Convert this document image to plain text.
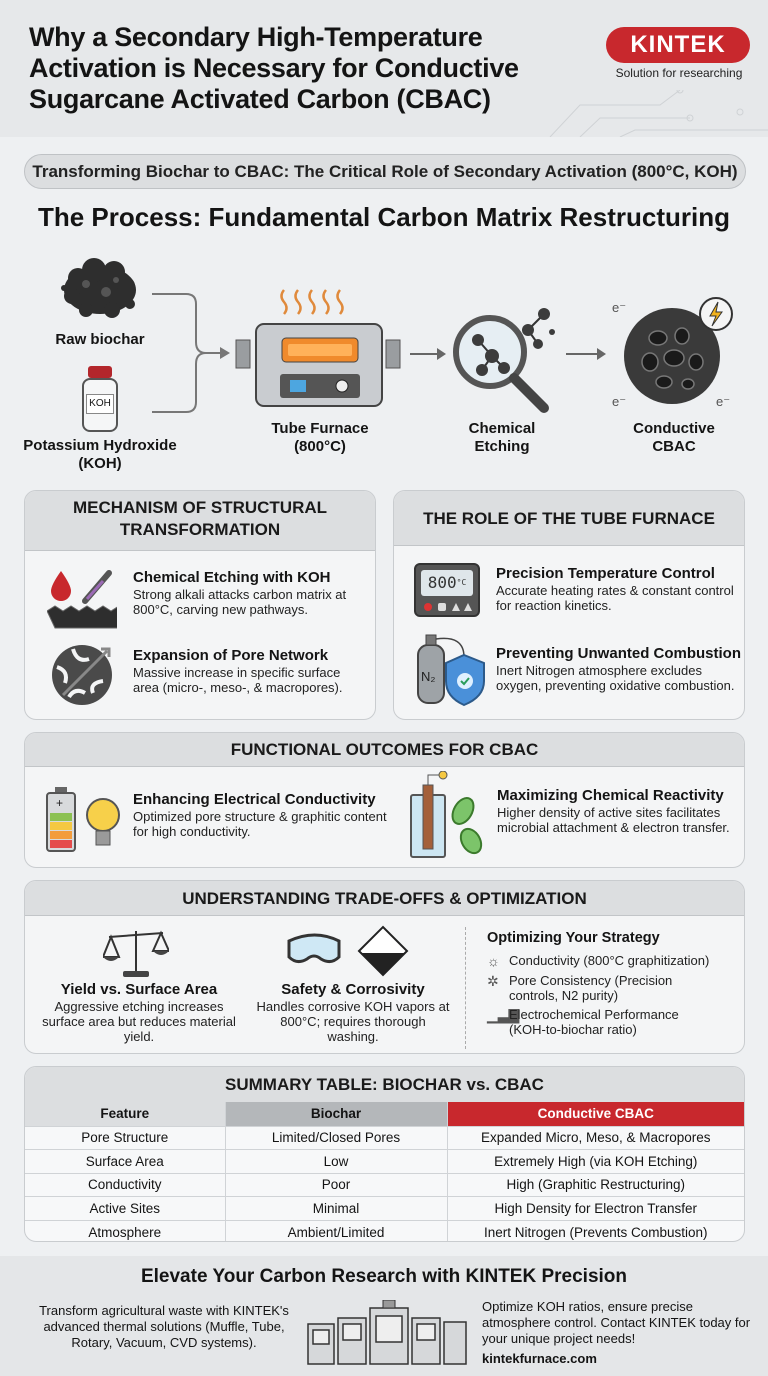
Why a Secondary High-Temperature Activation is Necessary for Conductive Sugarcane Activated Carbon (CBAC)
KINTEK
Solution for researching
Transforming Biochar to CBAC: The Critical Role of Secondary Activation (800°C, KOH)
The Process: Fundamental Carbon Matrix Restructuring
Raw biochar
KOH
Potassium Hydroxide (KOH)
Tube Furnace (800°C)
Chemical Etching
e⁻
e⁻	e⁻
Conductive CBAC
MECHANISM OF STRUCTURAL TRANSFORMATION
Chemical Etching with KOH
Strong alkali attacks carbon matrix at 800°C, carving new pathways.
Expansion of Pore Network
Massive increase in specific surface area (micro-, meso-, & macropores).
THE ROLE OF THE TUBE FURNACE
$800^{^\circ C}$
Precision Temperature Control
Accurate heating rates & constant control for reaction kinetics.
N₂
Preventing Unwanted Combustion
Inert Nitrogen atmosphere excludes oxygen, preventing oxidative combustion.
FUNCTIONAL OUTCOMES FOR CBAC
+	Enhancing Electrical Conductivity
Optimized pore structure & graphitic content for high conductivity.
Maximizing Chemical Reactivity
Higher density of active sites facilitates microbial attachment & electron transfer.
UNDERSTANDING TRADE-OFFS & OPTIMIZATION
Yield vs. Surface Area
Aggressive etching increases surface area but reduces material yield.
Safety & Corrosivity
Handles corrosive KOH vapors at 800°C; requires thorough washing.
Optimizing Your Strategy
☼ Conductivity (800°C graphitization)
✲ Pore Consistency (Precision controls, N2 purity)
▁▃▇
Electrochemical Performance (KOH-to-biochar ratio)
SUMMARY TABLE: BIOCHAR vs. CBAC
Feature	Biochar	Conductive CBAC
Pore Structure	Limited/Closed Pores	Expanded Micro, Meso, & Macropores
Surface Area	Low	Extremely High (via KOH Etching)
Conductivity	Poor	High (Graphitic Restructuring)
Active Sites	Minimal	High Density for Electron Transfer
Atmosphere	Ambient/Limited	Inert Nitrogen (Prevents Combustion)
Elevate Your Carbon Research with KINTEK Precision
Transform agricultural waste with KINTEK's advanced thermal solutions (Muffle, Tube, Rotary, Vacuum, CVD systems).
Optimize KOH ratios, ensure precise atmosphere control. Contact KINTEK today for your unique project needs!
kintekfurnace.com
